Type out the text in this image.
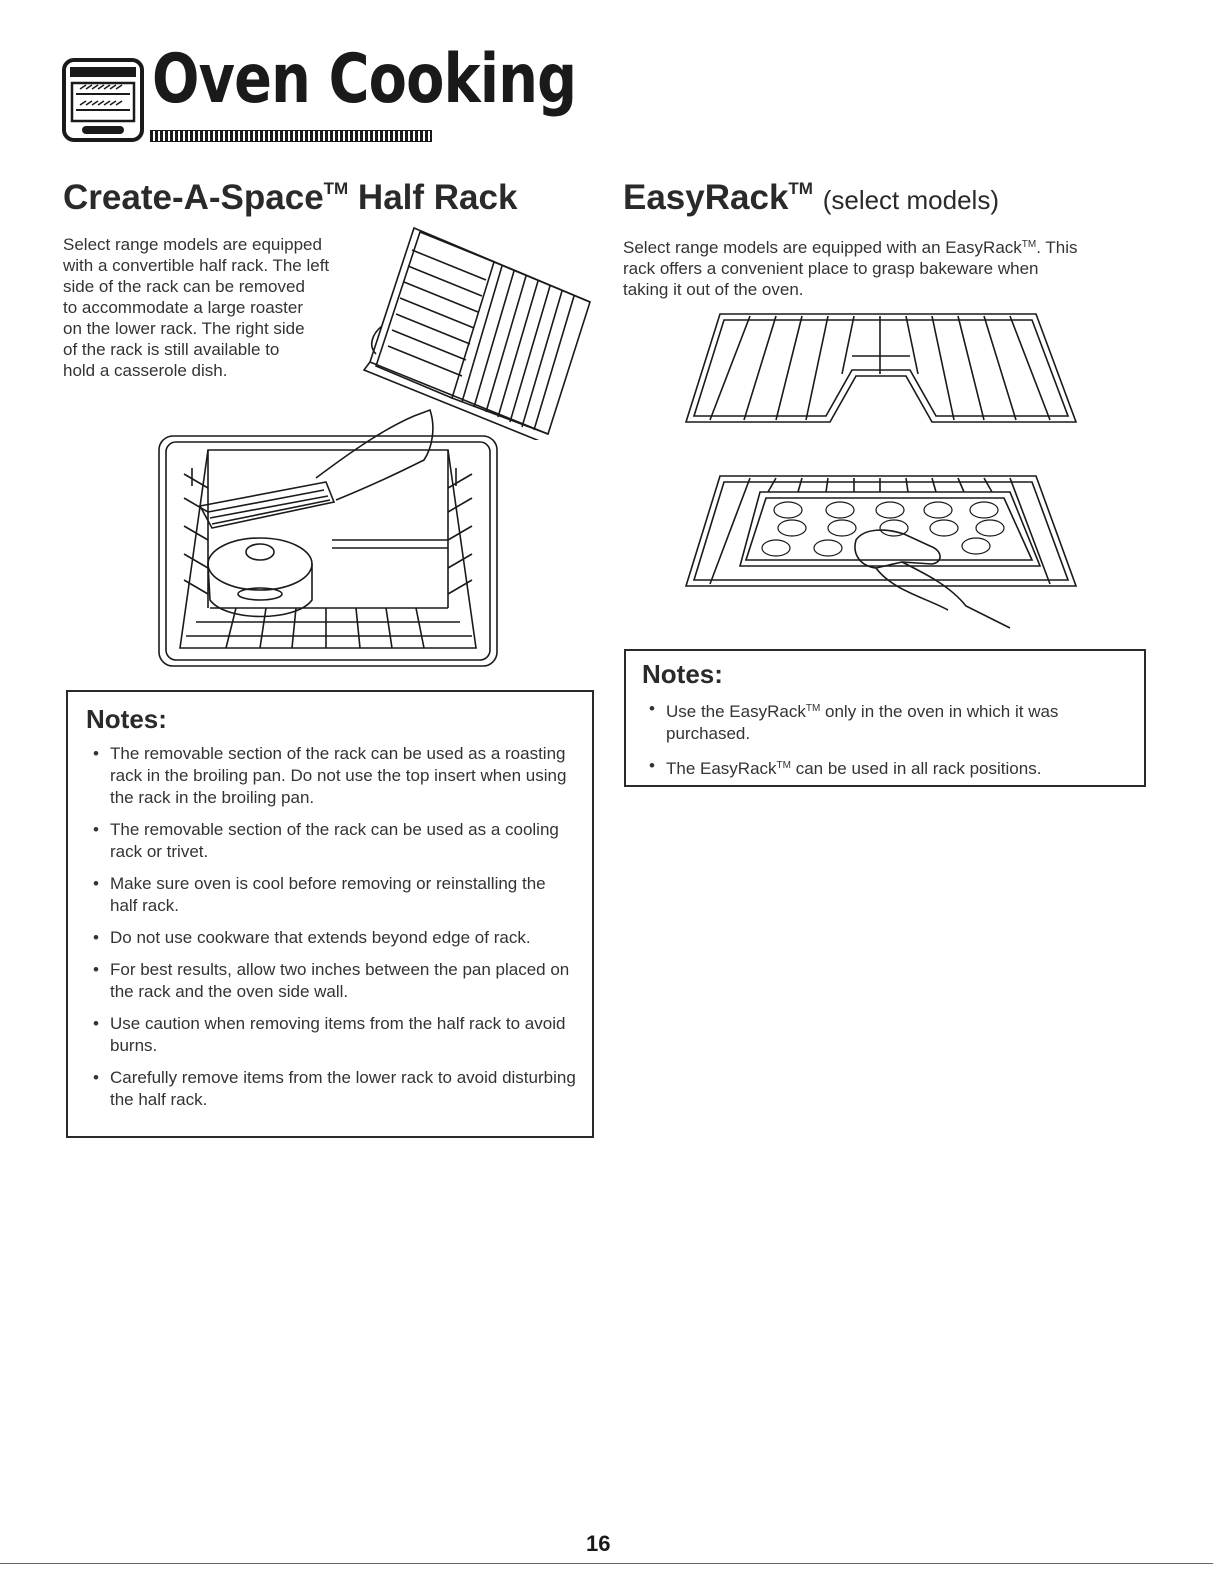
Oven Cooking
Create-A-Space™ Half Rack
Select range models are equipped
with a convertible half rack. The left
side of the rack can be removed
to accommodate a large roaster
on the lower rack. The right side
of the rack is still available to
hold a casserole dish.
Notes:
• The removable section of the rack can be used as a roasting rack in the broiling pan. Do not use the top insert when using the rack in the broiling pan.
• The removable section of the rack can be used as a cooling rack or trivet.
• Make sure oven is cool before removing or reinstalling the half rack.
• Do not use cookware that extends beyond edge of rack.
• For best results, allow two inches between the pan placed on the rack and the oven side wall.
• Use caution when removing items from the half rack to avoid burns.
• Carefully remove items from the lower rack to avoid disturbing the half rack.
EasyRack™ (select models)
Select range models are equipped with an EasyRack™. This
rack offers a convenient place to grasp bakeware when
taking it out of the oven.
Notes:
• Use the EasyRack™ only in the oven in which it was purchased.
• The EasyRack™ can be used in all rack positions.
16
